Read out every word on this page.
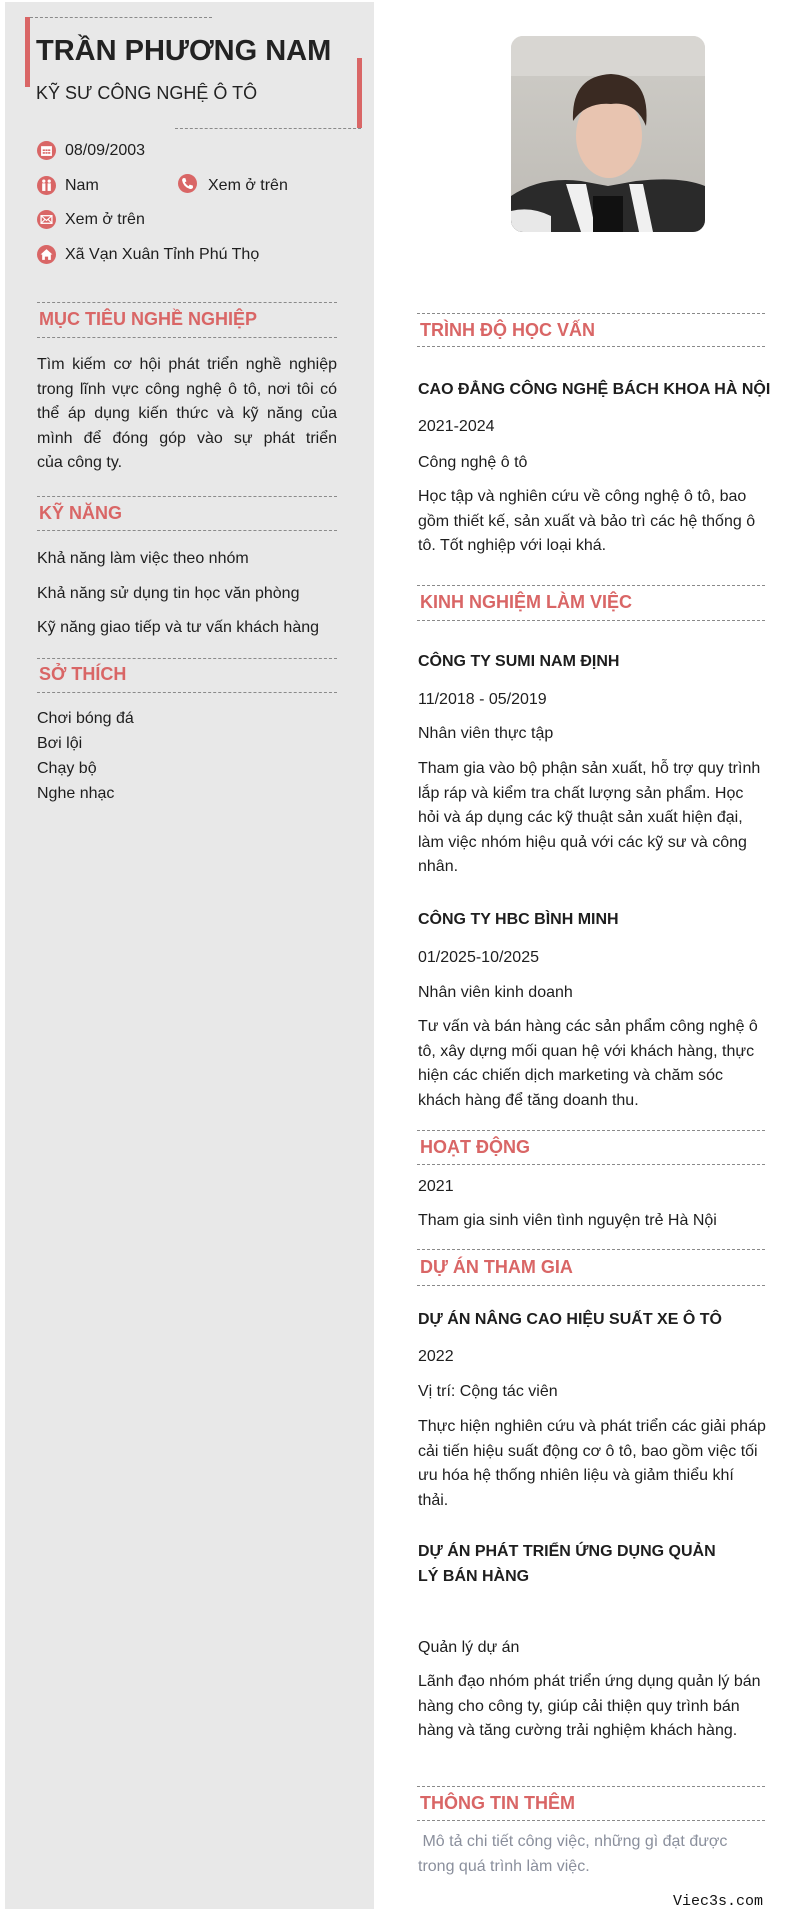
TRẦN PHƯƠNG NAM
KỸ SƯ CÔNG NGHỆ Ô TÔ
08/09/2003
Nam	Xem ở trên
Xem ở trên
Xã Vạn Xuân Tỉnh Phú Thọ
MỤC TIÊU NGHỀ NGHIỆP
Tìm kiếm cơ hội phát triển nghề nghiệp
trong lĩnh vực công nghệ ô tô, nơi tôi có
thể áp dụng kiến thức và kỹ năng của
mình để đóng góp vào sự phát triển
của công ty.
KỸ NĂNG
Khả năng làm việc theo nhóm
Khả năng sử dụng tin học văn phòng
Kỹ năng giao tiếp và tư vấn khách hàng
SỞ THÍCH
Chơi bóng đá
Bơi lội
Chạy bộ
Nghe nhạc
TRÌNH ĐỘ HỌC VẤN
CAO ĐẲNG CÔNG NGHỆ BÁCH KHOA HÀ NỘI
2021-2024
Công nghệ ô tô
Học tập và nghiên cứu về công nghệ ô tô, bao gồm thiết kế, sản xuất và bảo trì các hệ thống ô tô. Tốt nghiệp với loại khá.
KINH NGHIỆM LÀM VIỆC
CÔNG TY SUMI NAM ĐỊNH
11/2018 - 05/2019
Nhân viên thực tập
Tham gia vào bộ phận sản xuất, hỗ trợ quy trình lắp ráp và kiểm tra chất lượng sản phẩm. Học hỏi và áp dụng các kỹ thuật sản xuất hiện đại, làm việc nhóm hiệu quả với các kỹ sư và công nhân.
CÔNG TY HBC BÌNH MINH
01/2025-10/2025
Nhân viên kinh doanh
Tư vấn và bán hàng các sản phẩm công nghệ ô tô, xây dựng mối quan hệ với khách hàng, thực hiện các chiến dịch marketing và chăm sóc khách hàng để tăng doanh thu.
HOẠT ĐỘNG
2021
Tham gia sinh viên tình nguyện trẻ Hà Nội
DỰ ÁN THAM GIA
DỰ ÁN NÂNG CAO HIỆU SUẤT XE Ô TÔ
2022
Vị trí: Cộng tác viên
Thực hiện nghiên cứu và phát triển các giải pháp cải tiến hiệu suất động cơ ô tô, bao gồm việc tối ưu hóa hệ thống nhiên liệu và giảm thiểu khí thải.
DỰ ÁN PHÁT TRIỂN ỨNG DỤNG QUẢN LÝ BÁN HÀNG
Quản lý dự án
Lãnh đạo nhóm phát triển ứng dụng quản lý bán hàng cho công ty, giúp cải thiện quy trình bán hàng và tăng cường trải nghiệm khách hàng.
THÔNG TIN THÊM
Mô tả chi tiết công việc, những gì đạt được trong quá trình làm việc.
Viec3s.com
